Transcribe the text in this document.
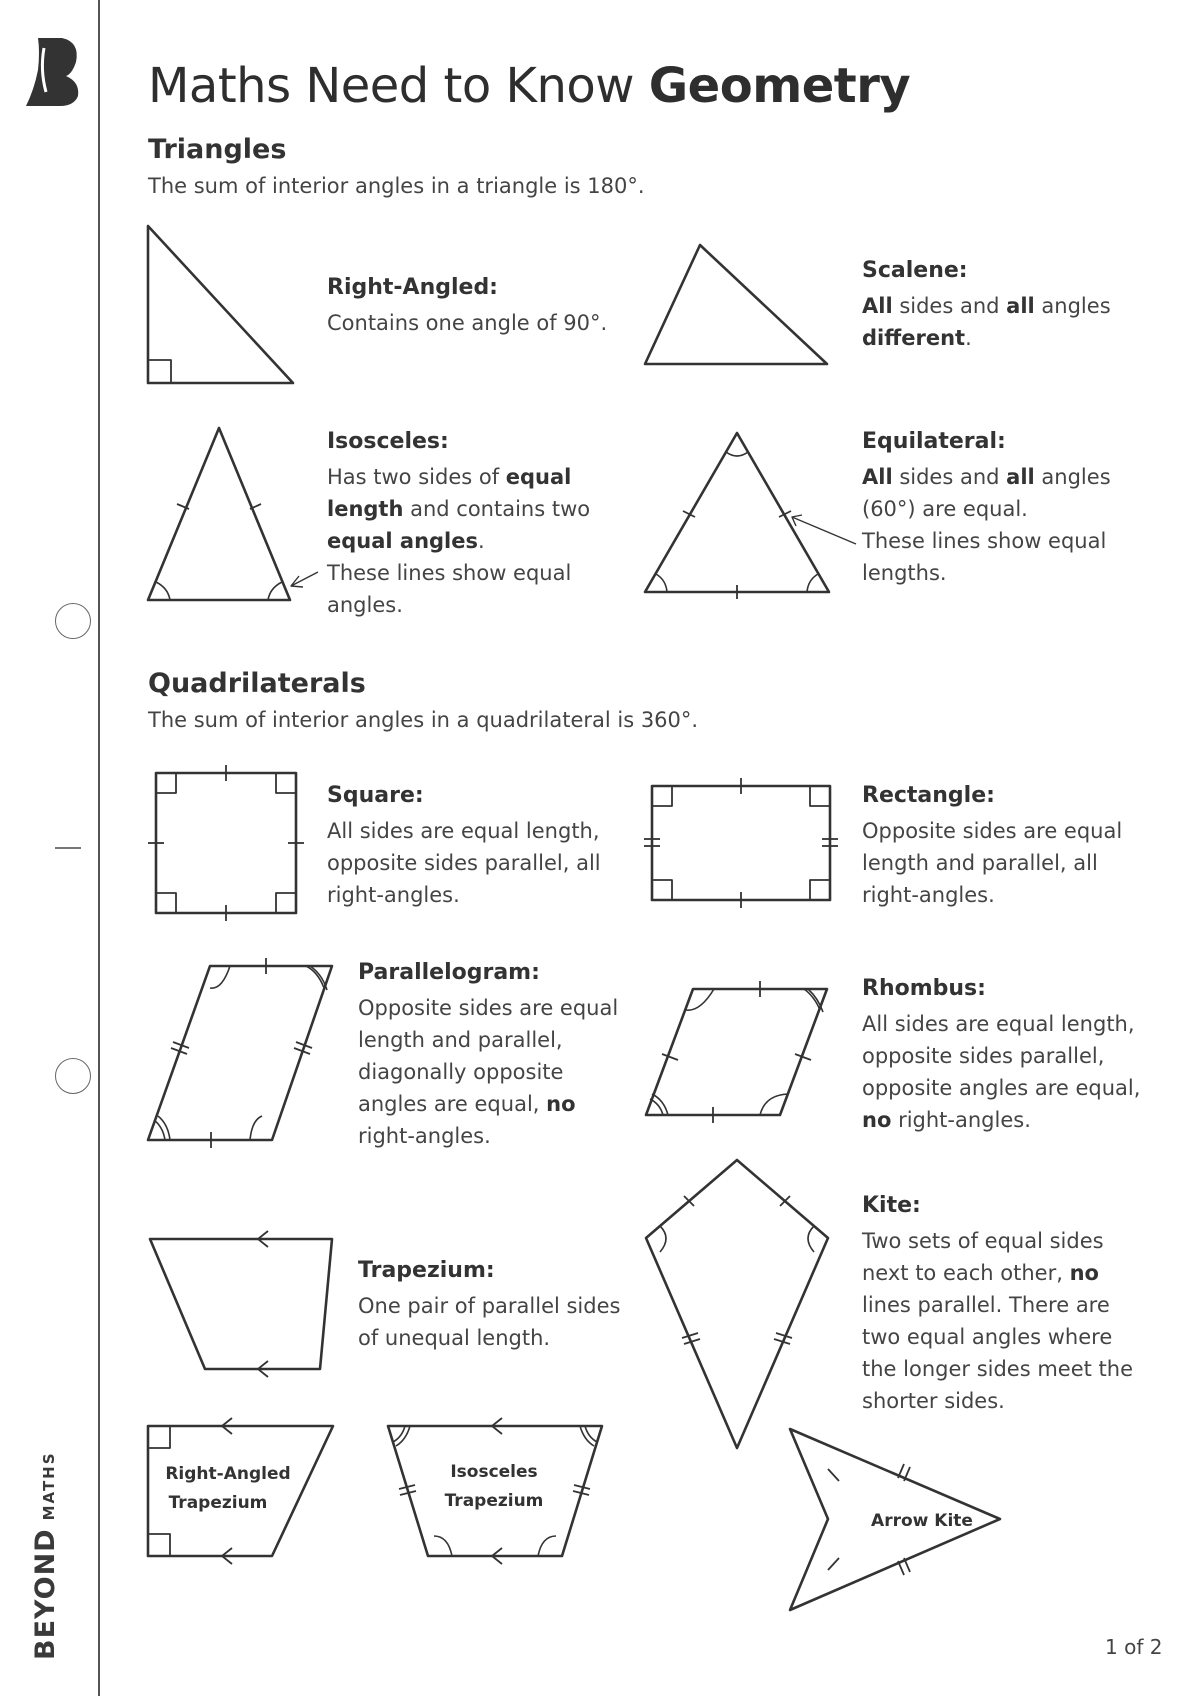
BEYONDMATHS
Maths Need to Know Geometry
Triangles
The sum of interior angles in a triangle is 180°.
Right-Angled:
Contains one angle of 90°.
Scalene:
All sides and all angles different.
Isosceles:
Has two sides of equal length and contains two equal angles.
These lines show equal angles.
Equilateral:
All sides and all angles (60°) are equal.
These lines show equal lengths.
Quadrilaterals
The sum of interior angles in a quadrilateral is 360°.
Square:
All sides are equal length, opposite sides parallel, all right-angles.
Rectangle:
Opposite sides are equal length and parallel, all right-angles.
Parallelogram:
Opposite sides are equal length and parallel, diagonally opposite angles are equal, no right-angles.
Rhombus:
All sides are equal length, opposite sides parallel, opposite angles are equal, no right-angles.
Trapezium:
One pair of parallel sides of unequal length.
Kite:
Two sets of equal sides next to each other, no lines parallel. There are two equal angles where the longer sides meet the shorter sides.
1 of 2
Right-Angled
Trapezium
Isosceles
Trapezium
Arrow Kite
